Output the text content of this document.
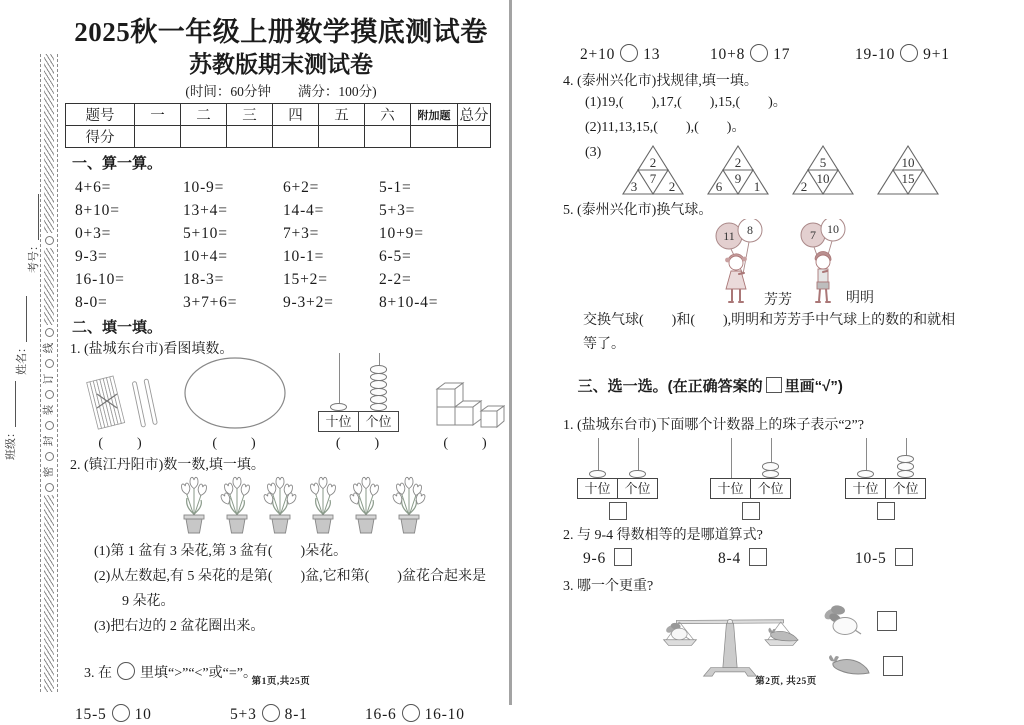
线
订
装
封
密
考号：
姓名：
班级：
2025秋一年级上册数学摸底测试卷
苏教版期末测试卷
(时间：60分钟　　满分：100分)
题号	一	二	三	四	五	六	附加题	总分
得分								
一、算一算。
4+6=	10-9=	6+2=	5-1=
8+10=	13+4=	14-4=	5+3=
0+3=	5+10=	7+3=	10+9=
9-3=	10+4=	10-1=	6-5=
16-10=	18-3=	15+2=	2-2=
8-0=	3+7+6=	9-3+2=	8+10-4=
二、填一填。
1. (盐城东台市)看图填数。
(　　)	(　　)
十位	个位
(　　)	(　　)
2. (镇江丹阳市)数一数,填一填。
(1)第 1 盆有 3 朵花,第 3 盆有(　　)朵花。
(2)从左数起,有 5 朵花的是第(　　)盆,它和第(　　)盆花合起来是
9 朵花。
(3)把右边的 2 盆花圈出来。

3. 在 里填“>”“<”或“=”。

15-5 10	5+3 8-1	16-6 16-10
第1页,共25页
2+10 13	10+8 17	19-10 9+1
4. (泰州兴化市)找规律,填一填。
(1)19,(　　),17,(　　),15,(　　)。
(2)11,13,15,(　　),(　　)。
(3)
2
3
7
2
2
6
9
1
5
2
10
10
15
5. (泰州兴化市)换气球。
11 8
芳芳
7 10
明明
交换气球(　　)和(　　),明明和芳芳手中气球上的数的和就相
等了。

三、选一选。(在正确答案的 里画“√”)

1. (盐城东台市)下面哪个计数器上的珠子表示“2”?
十位	个位	十位	个位	十位	个位
2. 与 9-4 得数相等的是哪道算式?
9-6	8-4	10-5
3. 哪一个更重?
第2页, 共25页
